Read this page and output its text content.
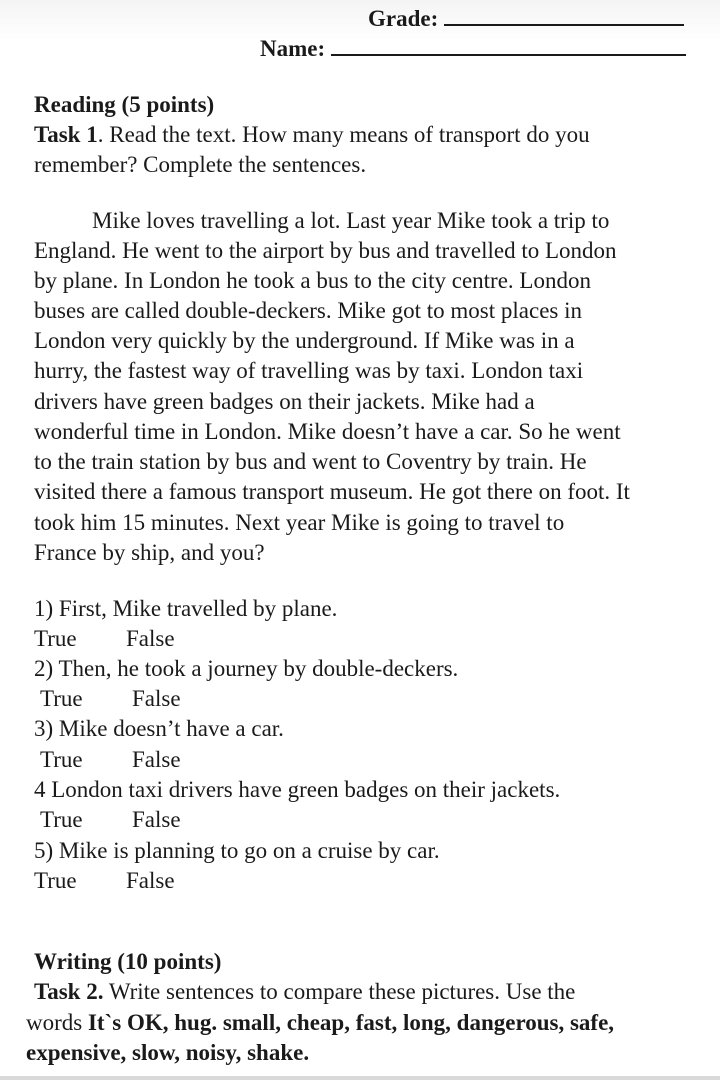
Grade:
Name:
Reading (5 points)
Task 1. Read the text. How many means of transport do you
remember? Complete the sentences.
Mike loves travelling a lot. Last year Mike took a trip to
England. He went to the airport by bus and travelled to London
by plane. In London he took a bus to the city centre. London
buses are called double-deckers. Mike got to most places in
London very quickly by the underground. If Mike was in a
hurry, the fastest way of travelling was by taxi. London taxi
drivers have green badges on their jackets. Mike had a
wonderful time in London. Mike doesn’t have a car. So he went
to the train station by bus and went to Coventry by train. He
visited there a famous transport museum. He got there on foot. It
took him 15 minutes. Next year Mike is going to travel to
France by ship, and you?
1) First, Mike travelled by plane.
True False
2) Then, he took a journey by double-deckers.
True False
3) Mike doesn’t have a car.
True False
4 London taxi drivers have green badges on their jackets.
True False
5) Mike is planning to go on a cruise by car.
True False
Writing (10 points)
Task 2. Write sentences to compare these pictures. Use the
words It`s OK, hug. small, cheap, fast, long, dangerous, safe,
expensive, slow, noisy, shake.
